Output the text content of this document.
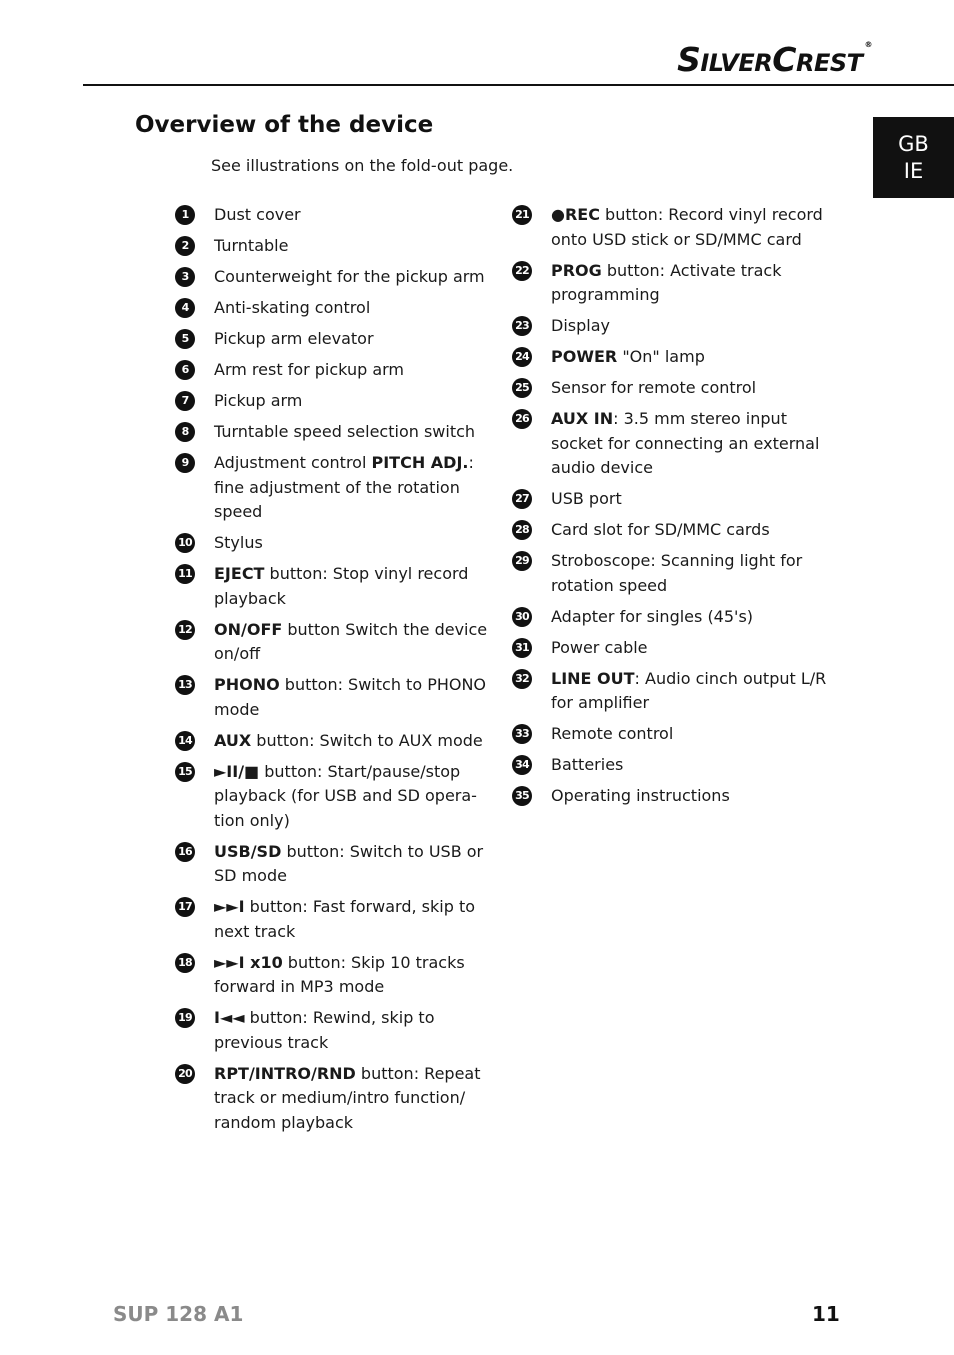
SILVERCREST®
GB
IE
Overview of the device
See illustrations on the fold-out page.
1	Dust cover
2	Turntable
3	Counterweight for the pickup arm
4	Anti-skating control
5	Pickup arm elevator
6	Arm rest for pickup arm
7	Pickup arm
8	Turntable speed selection switch
9	Adjustment control PITCH ADJ.: fine adjustment of the rotation speed
10 Stylus
11 EJECT button: Stop vinyl record playback
12 ON/OFF button Switch the device on/off
13 PHONO button: Switch to PHONO mode
14 AUX button: Switch to AUX mode
15 ►II/■ button: Start/pause/stop playback (for USB and SD opera-tion only)
16 USB/SD button: Switch to USB or SD mode
17 ►►I button: Fast forward, skip to next track
18 ►►I x10 button: Skip 10 tracks forward in MP3 mode
19 I◄◄ button: Rewind, skip to previous track
20 RPT/INTRO/RND button: Repeat track or medium/intro function/ random playback
21 ●REC button: Record vinyl record onto USD stick or SD/MMC card
22 PROG button: Activate track programming
23 Display
24 POWER "On" lamp
25 Sensor for remote control
26 AUX IN: 3.5 mm stereo input socket for connecting an external audio device
27 USB port
28 Card slot for SD/MMC cards
29 Stroboscope: Scanning light for rotation speed
30 Adapter for singles (45's)
31 Power cable
32 LINE OUT: Audio cinch output L/R for amplifier
33 Remote control
34 Batteries
35 Operating instructions
SUP 128 A1	11
